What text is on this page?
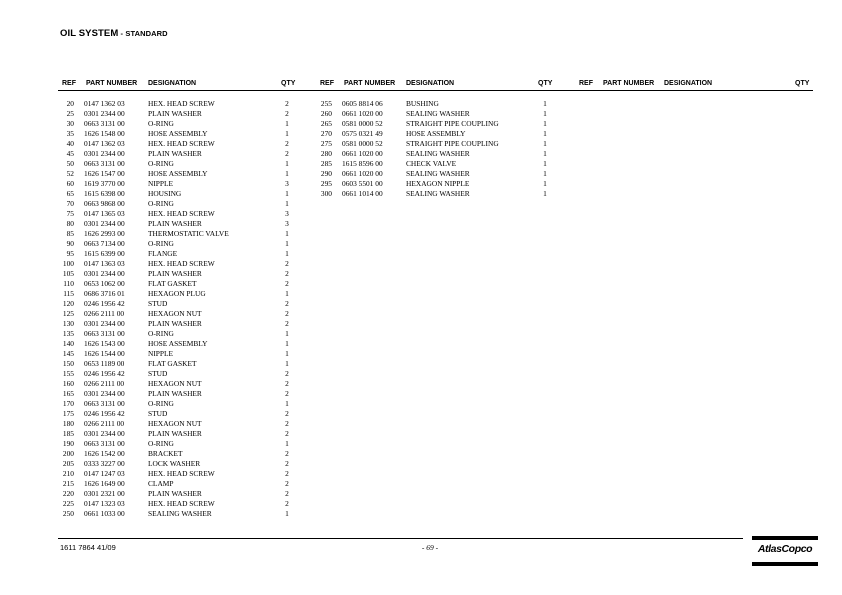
OIL SYSTEM - STANDARD
REF PART NUMBER DESIGNATION	QTY	REF PART NUMBER DESIGNATION	QTY	REF PART NUMBER DESIGNATION	QTY
20 0147 1362 03	HEX. HEAD SCREW	2
25 0301 2344 00	PLAIN WASHER	2
30 0663 3131 00	O-RING	1
35 1626 1548 00	HOSE ASSEMBLY	1
40 0147 1362 03	HEX. HEAD SCREW	2
45 0301 2344 00	PLAIN WASHER	2
50 0663 3131 00	O-RING	1
52 1626 1547 00	HOSE ASSEMBLY	1
60 1619 3770 00	NIPPLE	3
65 1615 6398 00	HOUSING	1
70 0663 9868 00	O-RING	1
75 0147 1365 03	HEX. HEAD SCREW	3
80 0301 2344 00	PLAIN WASHER	3
85 1626 2993 00	THERMOSTATIC VALVE	1
90 0663 7134 00	O-RING	1
95 1615 6399 00	FLANGE	1
100 0147 1363 03	HEX. HEAD SCREW	2
105 0301 2344 00	PLAIN WASHER	2
110 0653 1062 00	FLAT GASKET	2
115 0686 3716 01	HEXAGON PLUG	1
120 0246 1956 42	STUD	2
125 0266 2111 00	HEXAGON NUT	2
130 0301 2344 00	PLAIN WASHER	2
135 0663 3131 00	O-RING	1
140 1626 1543 00	HOSE ASSEMBLY	1
145 1626 1544 00	NIPPLE	1
150 0653 1189 00	FLAT GASKET	1
155 0246 1956 42	STUD	2
160 0266 2111 00	HEXAGON NUT	2
165 0301 2344 00	PLAIN WASHER	2
170 0663 3131 00	O-RING	1
175 0246 1956 42	STUD	2
180 0266 2111 00	HEXAGON NUT	2
185 0301 2344 00	PLAIN WASHER	2
190 0663 3131 00	O-RING	1
200 1626 1542 00	BRACKET	2
205 0333 3227 00	LOCK WASHER	2
210 0147 1247 03	HEX. HEAD SCREW	2
215 1626 1649 00	CLAMP	2
220 0301 2321 00	PLAIN WASHER	2
225 0147 1323 03	HEX. HEAD SCREW	2
250 0661 1033 00	SEALING WASHER	1
255 0605 8814 06	BUSHING	1
260 0661 1020 00	SEALING WASHER	1
265 0581 0000 52	STRAIGHT PIPE COUPLING	1
270 0575 0321 49	HOSE ASSEMBLY	1
275 0581 0000 52	STRAIGHT PIPE COUPLING	1
280 0661 1020 00	SEALING WASHER	1
285 1615 8596 00	CHECK VALVE	1
290 0661 1020 00	SEALING WASHER	1
295 0603 5501 00	HEXAGON NIPPLE	1
300 0661 1014 00	SEALING WASHER	1
1611 7864 41/09	- 69 -	AtlasCopco
